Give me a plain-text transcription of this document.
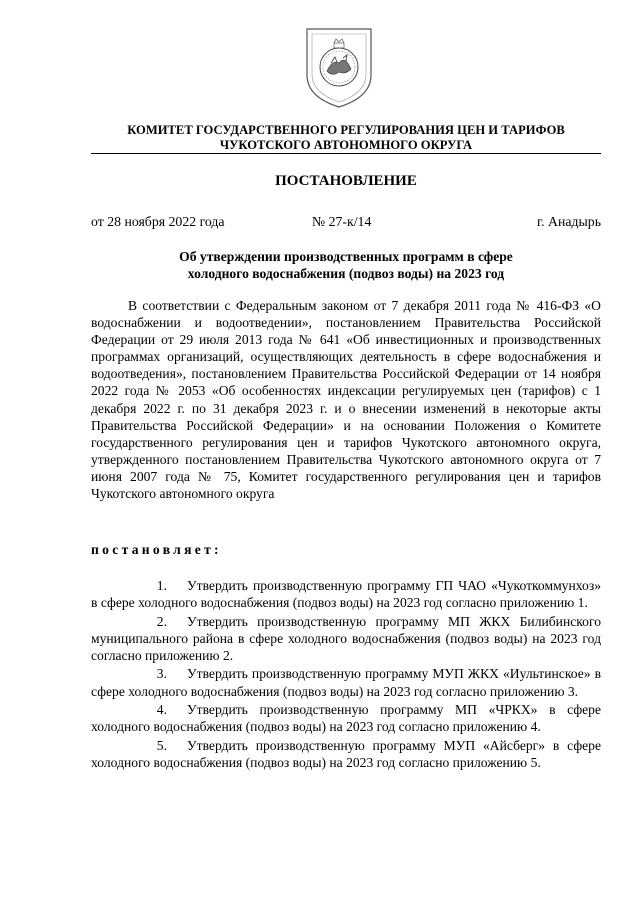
КОМИТЕТ ГОСУДАРСТВЕННОГО РЕГУЛИРОВАНИЯ ЦЕН И ТАРИФОВ
ЧУКОТСКОГО АВТОНОМНОГО ОКРУГА
ПОСТАНОВЛЕНИЕ
от 28 ноября 2022 года	№ 27-к/14	г. Анадырь
Об утверждении производственных программ в сфере
холодного водоснабжения (подвоз воды) на 2023 год

В соответствии с Федеральным законом от 7 декабря 2011 года № 416-ФЗ «О водоснабжении и водоотведении», постановлением Правительства Российской Федерации от 29 июля 2013 года № 641 «Об инвестиционных и производственных программах организаций, осуществляющих деятельность в сфере водоснабжения и водоотведения», постановлением Правительства Российской Федерации от 14 ноября 2022 года № 2053 «Об особенностях индексации регулируемых цен (тарифов) с 1 декабря 2022 г. по 31 декабря 2023 г. и о внесении изменений в некоторые акты Правительства Российской Федерации» и на основании Положения о Комитете государственного регулирования цен и тарифов Чукотского автономного округа, утвержденного постановлением Правительства Чукотского автономного округа от 7 июня 2007 года № 75, Комитет государственного регулирования цен и тарифов Чукотского автономного округа

постановляет:
1. Утвердить производственную программу ГП ЧАО «Чукоткоммунхоз» в сфере холодного водоснабжения (подвоз воды) на 2023 год согласно приложению 1.
2. Утвердить производственную программу МП ЖКХ Билибинского муниципального района в сфере холодного водоснабжения (подвоз воды) на 2023 год согласно приложению 2.
3. Утвердить производственную программу МУП ЖКХ «Иультинское» в сфере холодного водоснабжения (подвоз воды) на 2023 год согласно приложению 3.
4. Утвердить производственную программу МП «ЧРКХ» в сфере холодного водоснабжения (подвоз воды) на 2023 год согласно приложению 4.
5. Утвердить производственную программу МУП «Айсберг» в сфере холодного водоснабжения (подвоз воды) на 2023 год согласно приложению 5.
